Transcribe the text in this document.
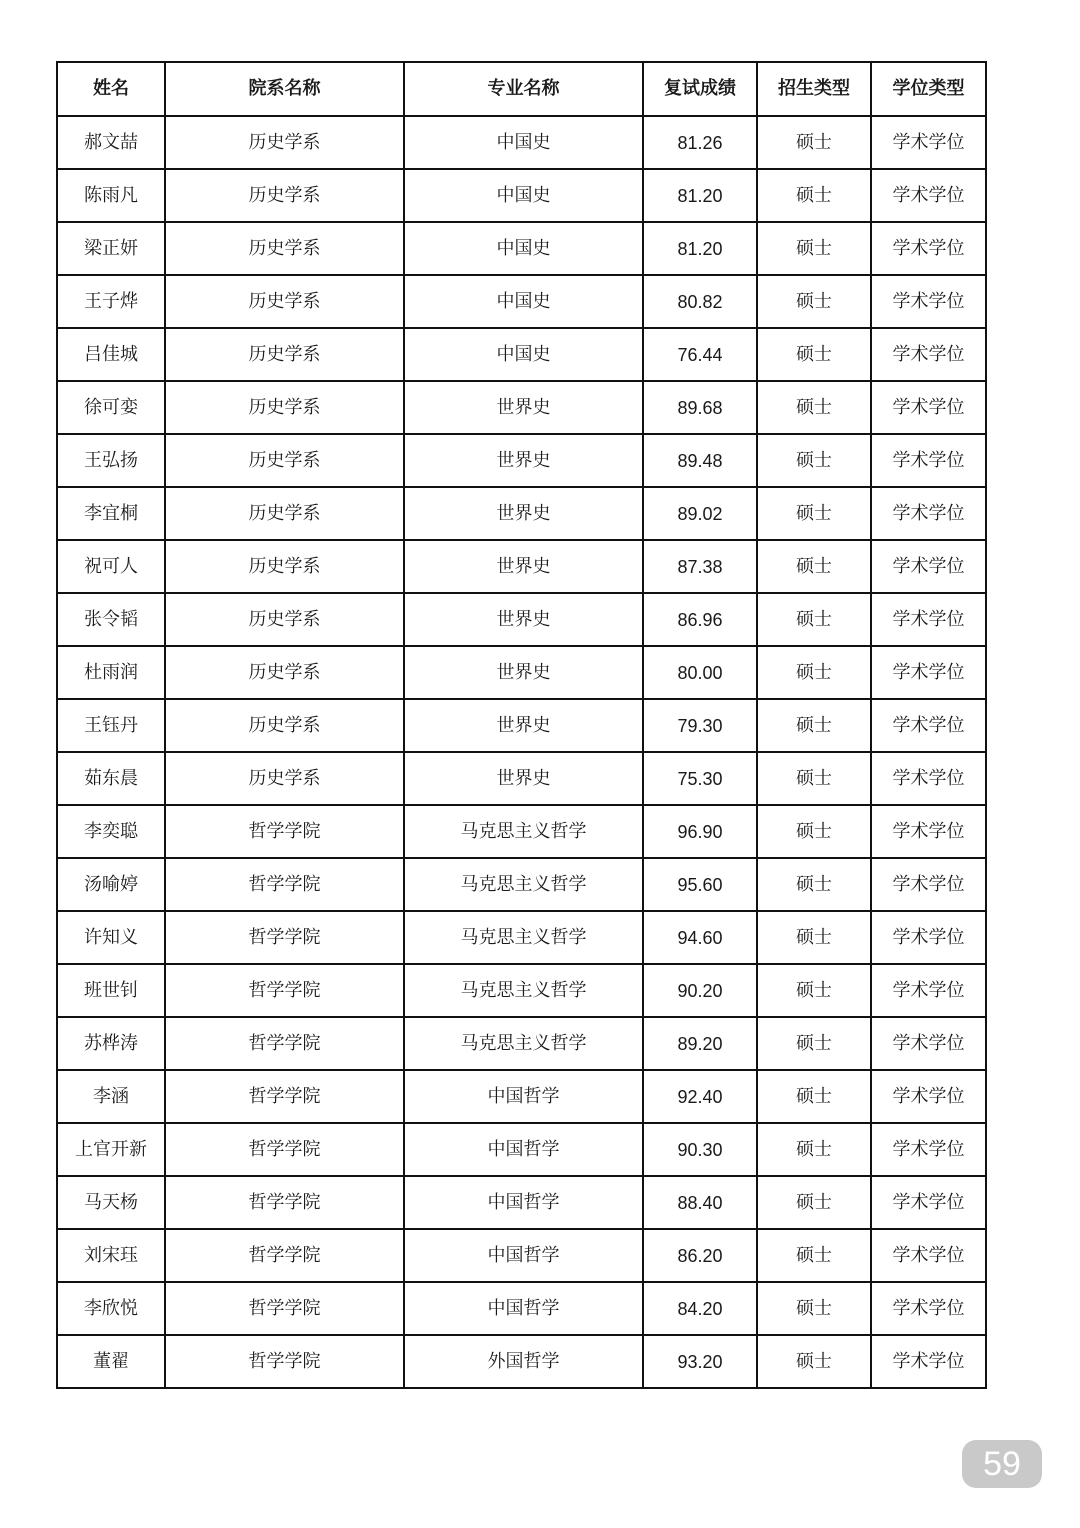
姓名	院系名称	专业名称	复试成绩	招生类型	学位类型
郝文喆	历史学系	中国史	81.26	硕士	学术学位
陈雨凡	历史学系	中国史	81.20	硕士	学术学位
梁正妍	历史学系	中国史	81.20	硕士	学术学位
王子烨	历史学系	中国史	80.82	硕士	学术学位
吕佳城	历史学系	中国史	76.44	硕士	学术学位
徐可娈	历史学系	世界史	89.68	硕士	学术学位
王弘扬	历史学系	世界史	89.48	硕士	学术学位
李宜桐	历史学系	世界史	89.02	硕士	学术学位
祝可人	历史学系	世界史	87.38	硕士	学术学位
张令韬	历史学系	世界史	86.96	硕士	学术学位
杜雨润	历史学系	世界史	80.00	硕士	学术学位
王钰丹	历史学系	世界史	79.30	硕士	学术学位
茹东晨	历史学系	世界史	75.30	硕士	学术学位
李奕聪	哲学学院	马克思主义哲学	96.90	硕士	学术学位
汤喻婷	哲学学院	马克思主义哲学	95.60	硕士	学术学位
许知义	哲学学院	马克思主义哲学	94.60	硕士	学术学位
班世钊	哲学学院	马克思主义哲学	90.20	硕士	学术学位
苏桦涛	哲学学院	马克思主义哲学	89.20	硕士	学术学位
李涵	哲学学院	中国哲学	92.40	硕士	学术学位
上官开新	哲学学院	中国哲学	90.30	硕士	学术学位
马天杨	哲学学院	中国哲学	88.40	硕士	学术学位
刘宋珏	哲学学院	中国哲学	86.20	硕士	学术学位
李欣悦	哲学学院	中国哲学	84.20	硕士	学术学位
董翟	哲学学院	外国哲学	93.20	硕士	学术学位
59
